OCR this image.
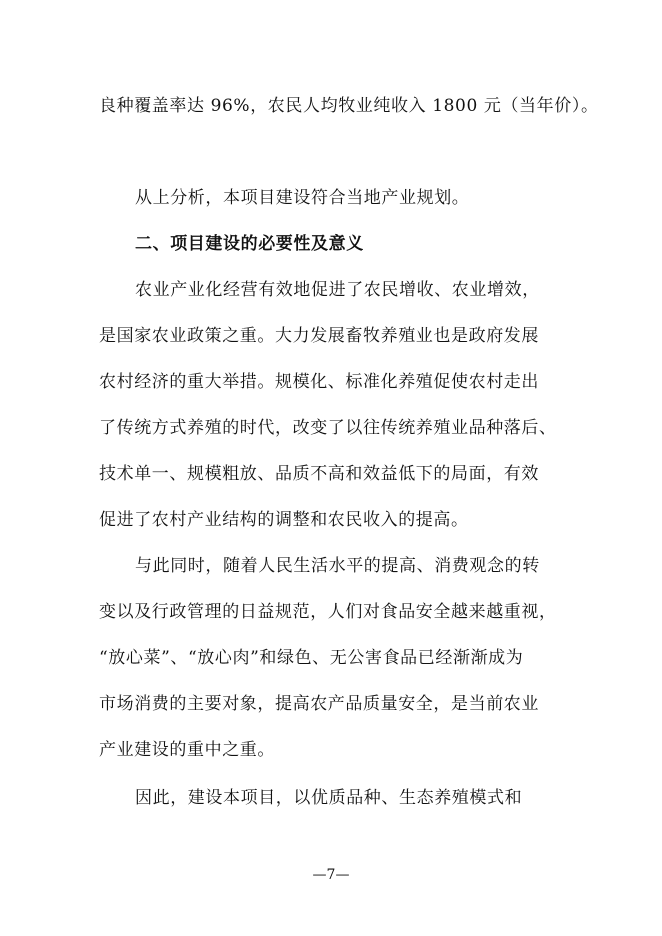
良种覆盖率达 96%，农民人均牧业纯收入 1800 元（当年价）。
从上分析，本项目建设符合当地产业规划。
二、项目建设的必要性及意义
农业产业化经营有效地促进了农民增收、农业增效，
是国家农业政策之重。大力发展畜牧养殖业也是政府发展
农村经济的重大举措。规模化、标准化养殖促使农村走出
了传统方式养殖的时代，改变了以往传统养殖业品种落后、
技术单一、规模粗放、品质不高和效益低下的局面，有效
促进了农村产业结构的调整和农民收入的提高。
与此同时，随着人民生活水平的提高、消费观念的转
变以及行政管理的日益规范，人们对食品安全越来越重视，
“放心菜”、“放心肉”和绿色、无公害食品已经渐渐成为
市场消费的主要对象，提高农产品质量安全，是当前农业
产业建设的重中之重。
因此，建设本项目，以优质品种、生态养殖模式和
—7—
